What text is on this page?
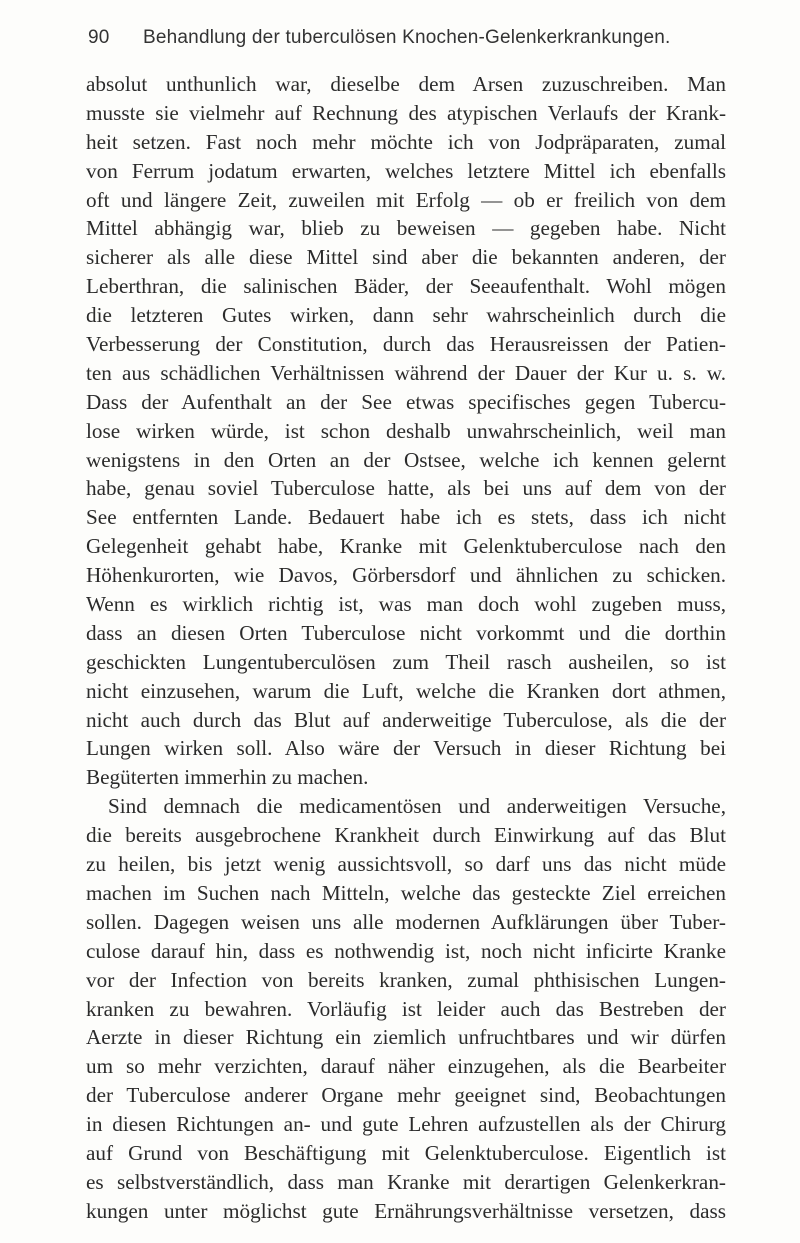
90 Behandlung der tuberculösen Knochen-Gelenkerkrankungen.
absolut unthunlich war, dieselbe dem Arsen zuzuschreiben. Man
musste sie vielmehr auf Rechnung des atypischen Verlaufs der Krank-
heit setzen. Fast noch mehr möchte ich von Jodpräparaten, zumal
von Ferrum jodatum erwarten, welches letztere Mittel ich ebenfalls
oft und längere Zeit, zuweilen mit Erfolg — ob er freilich von dem
Mittel abhängig war, blieb zu beweisen — gegeben habe. Nicht
sicherer als alle diese Mittel sind aber die bekannten anderen, der
Leberthran, die salinischen Bäder, der Seeaufenthalt. Wohl mögen
die letzteren Gutes wirken, dann sehr wahrscheinlich durch die
Verbesserung der Constitution, durch das Herausreissen der Patien-
ten aus schädlichen Verhältnissen während der Dauer der Kur u. s. w.
Dass der Aufenthalt an der See etwas specifisches gegen Tubercu-
lose wirken würde, ist schon deshalb unwahrscheinlich, weil man
wenigstens in den Orten an der Ostsee, welche ich kennen gelernt
habe, genau soviel Tuberculose hatte, als bei uns auf dem von der
See entfernten Lande. Bedauert habe ich es stets, dass ich nicht
Gelegenheit gehabt habe, Kranke mit Gelenktuberculose nach den
Höhenkurorten, wie Davos, Görbersdorf und ähnlichen zu schicken.
Wenn es wirklich richtig ist, was man doch wohl zugeben muss,
dass an diesen Orten Tuberculose nicht vorkommt und die dorthin
geschickten Lungentuberculösen zum Theil rasch ausheilen, so ist
nicht einzusehen, warum die Luft, welche die Kranken dort athmen,
nicht auch durch das Blut auf anderweitige Tuberculose, als die der
Lungen wirken soll. Also wäre der Versuch in dieser Richtung bei
Begüterten immerhin zu machen.
Sind demnach die medicamentösen und anderweitigen Versuche,
die bereits ausgebrochene Krankheit durch Einwirkung auf das Blut
zu heilen, bis jetzt wenig aussichtsvoll, so darf uns das nicht müde
machen im Suchen nach Mitteln, welche das gesteckte Ziel erreichen
sollen. Dagegen weisen uns alle modernen Aufklärungen über Tuber-
culose darauf hin, dass es nothwendig ist, noch nicht inficirte Kranke
vor der Infection von bereits kranken, zumal phthisischen Lungen-
kranken zu bewahren. Vorläufig ist leider auch das Bestreben der
Aerzte in dieser Richtung ein ziemlich unfruchtbares und wir dürfen
um so mehr verzichten, darauf näher einzugehen, als die Bearbeiter
der Tuberculose anderer Organe mehr geeignet sind, Beobachtungen
in diesen Richtungen an- und gute Lehren aufzustellen als der Chirurg
auf Grund von Beschäftigung mit Gelenktuberculose. Eigentlich ist
es selbstverständlich, dass man Kranke mit derartigen Gelenkerkran-
kungen unter möglichst gute Ernährungsverhältnisse versetzen, dass
